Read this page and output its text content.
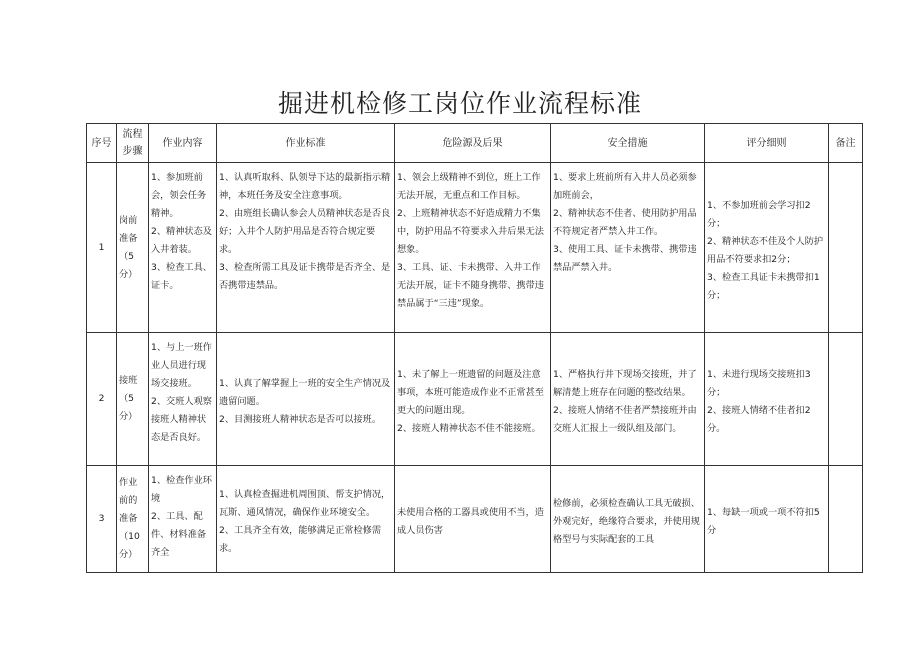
掘进机检修工岗位作业流程标准
序号	流程步骤	作业内容	作业标准	危险源及后果	安全措施	评分细则	备注
1	岗前准备（5分）	1、参加班前会，领会任务精神。
2、精神状态及入井着装。
3、检查工具、证卡。	1、认真听取科、队领导下达的最新指示精神，本班任务及安全注意事项。
2、由班组长确认参会人员精神状态是否良好；入井个人防护用品是否符合规定要求。
3、检查所需工具及证卡携带是否齐全、是否携带违禁品。	1、领会上级精神不到位，班上工作无法开展，无重点和工作目标。
2、上班精神状态不好造成精力不集中，防护用品不符要求入井后果无法想象。
3、工具、证、卡未携带、入井工作无法开展，证卡不随身携带、携带违禁品属于“三违”现象。	1、要求上班前所有入井人员必须参加班前会，
2、精神状态不佳者、使用防护用品不符规定者严禁入井工作。
3、使用工具、证卡未携带、携带违禁品严禁入井。	1、不参加班前会学习扣2分；
2、精神状态不佳及个人防护用品不符要求扣2分；
3、检查工具证卡未携带扣1分；	

2	接班（5分）	1、与上一班作业人员进行现场交接班。
2、交班人观察接班人精神状态是否良好。	1、认真了解掌握上一班的安全生产情况及遗留问题。
2、目测接班人精神状态是否可以接班。	1、未了解上一班遗留的问题及注意事项，本班可能造成作业不正常甚至更大的问题出现。
2、接班人精神状态不佳不能接班。	1、严格执行井下现场交接班，并了解清楚上班存在问题的整改结果。
2、接班人情绪不佳者严禁接班并由交班人汇报上一级队组及部门。	1、未进行现场交接班扣3分；
2、接班人情绪不佳者扣2分。	

3	作业前的准备（10分）	1、检查作业环境
2、工具、配件、材料准备齐全	1、认真检查掘进机周围顶、帮支护情况，瓦斯、通风情况，确保作业环境安全。
2、工具齐全有效，能够满足正常检修需求。	未使用合格的工器具或使用不当，造成人员伤害	检修前，必须检查确认工具无破损、外观完好，绝缘符合要求，并使用规格型号与实际配套的工具	1、每缺一项或一项不符扣5分	
